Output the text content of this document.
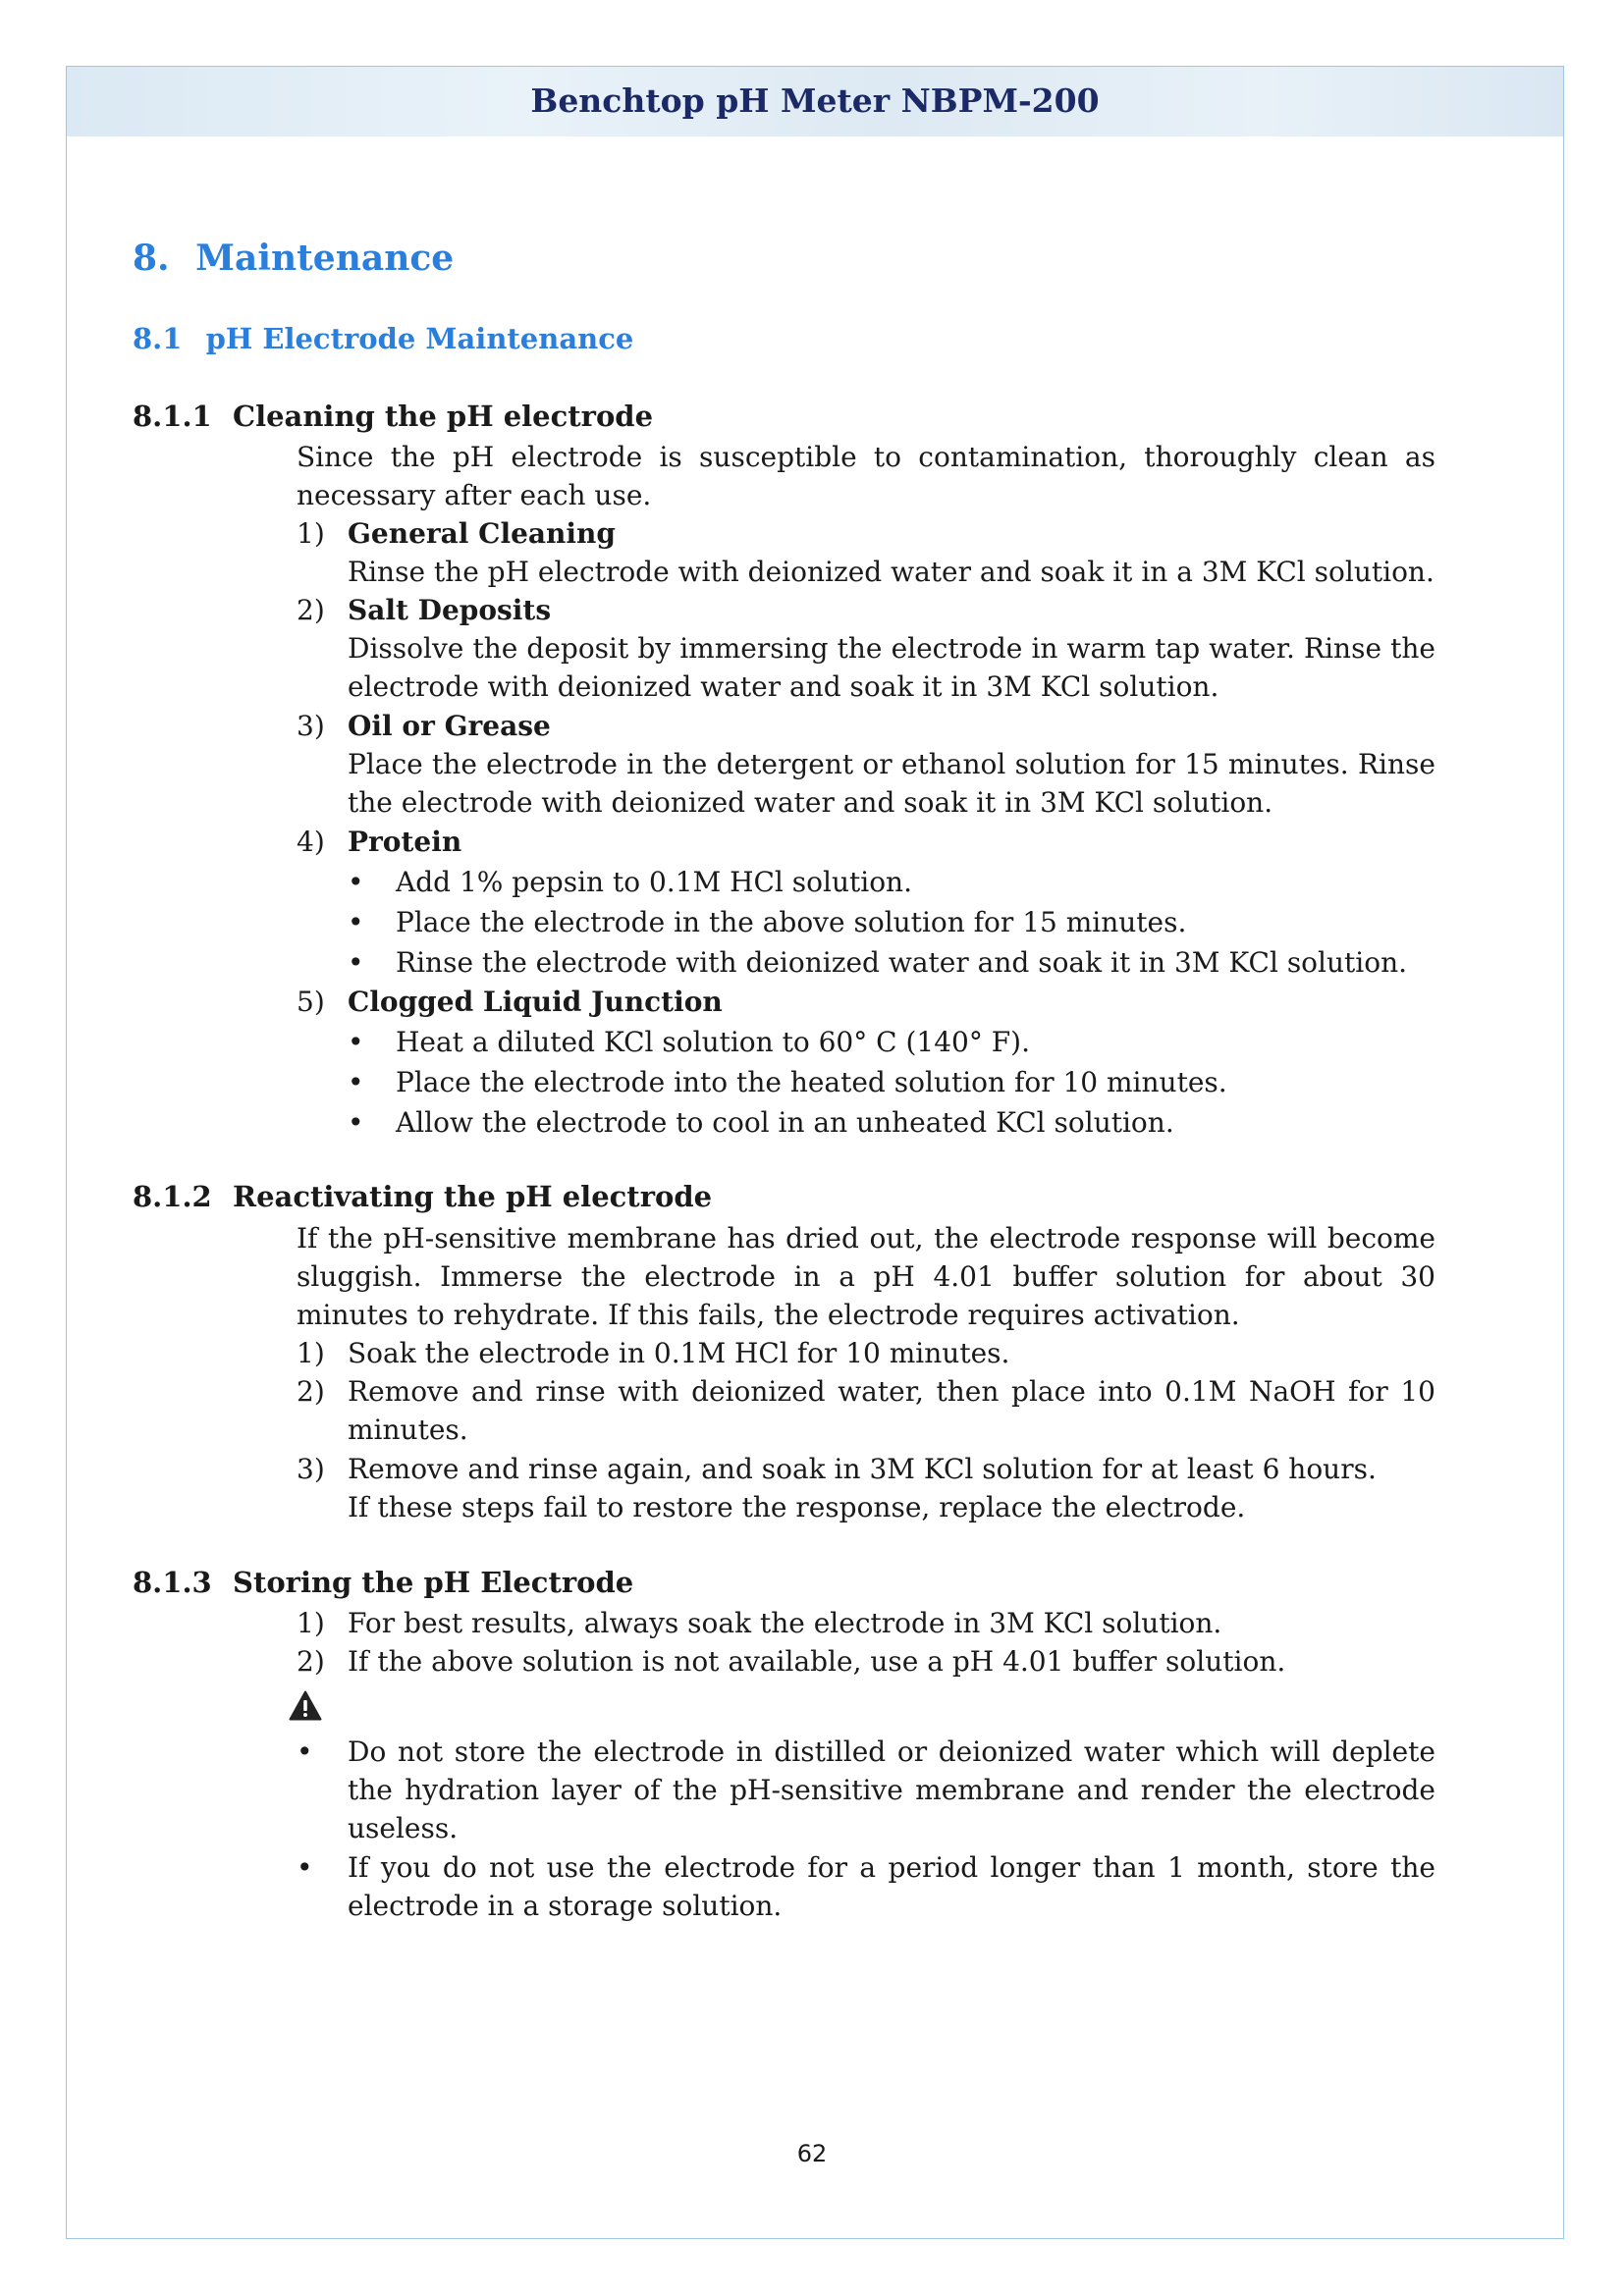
Benchtop pH Meter NBPM-200
8. Maintenance
8.1 pH Electrode Maintenance
8.1.1 Cleaning the pH electrode
Since the pH electrode is susceptible to contamination, thoroughly clean as necessary after each use.
1) General Cleaning
Rinse the pH electrode with deionized water and soak it in a 3M KCl solution.
2) Salt Deposits
Dissolve the deposit by immersing the electrode in warm tap water. Rinse the electrode with deionized water and soak it in 3M KCl solution.
3) Oil or Grease
Place the electrode in the detergent or ethanol solution for 15 minutes. Rinse the electrode with deionized water and soak it in 3M KCl solution.
4) Protein
• Add 1% pepsin to 0.1M HCl solution.
• Place the electrode in the above solution for 15 minutes.
• Rinse the electrode with deionized water and soak it in 3M KCl solution.
5) Clogged Liquid Junction
• Heat a diluted KCl solution to 60° C (140° F).
• Place the electrode into the heated solution for 10 minutes.
• Allow the electrode to cool in an unheated KCl solution.
8.1.2 Reactivating the pH electrode
If the pH-sensitive membrane has dried out, the electrode response will become sluggish. Immerse the electrode in a pH 4.01 buffer solution for about 30 minutes to rehydrate. If this fails, the electrode requires activation.
1) Soak the electrode in 0.1M HCl for 10 minutes.
2) Remove and rinse with deionized water, then place into 0.1M NaOH for 10 minutes.
3) Remove and rinse again, and soak in 3M KCl solution for at least 6 hours.
If these steps fail to restore the response, replace the electrode.
8.1.3 Storing the pH Electrode
1) For best results, always soak the electrode in 3M KCl solution.
2) If the above solution is not available, use a pH 4.01 buffer solution.
• Do not store the electrode in distilled or deionized water which will deplete the hydration layer of the pH-sensitive membrane and render the electrode useless.
• If you do not use the electrode for a period longer than 1 month, store the electrode in a storage solution.
62
